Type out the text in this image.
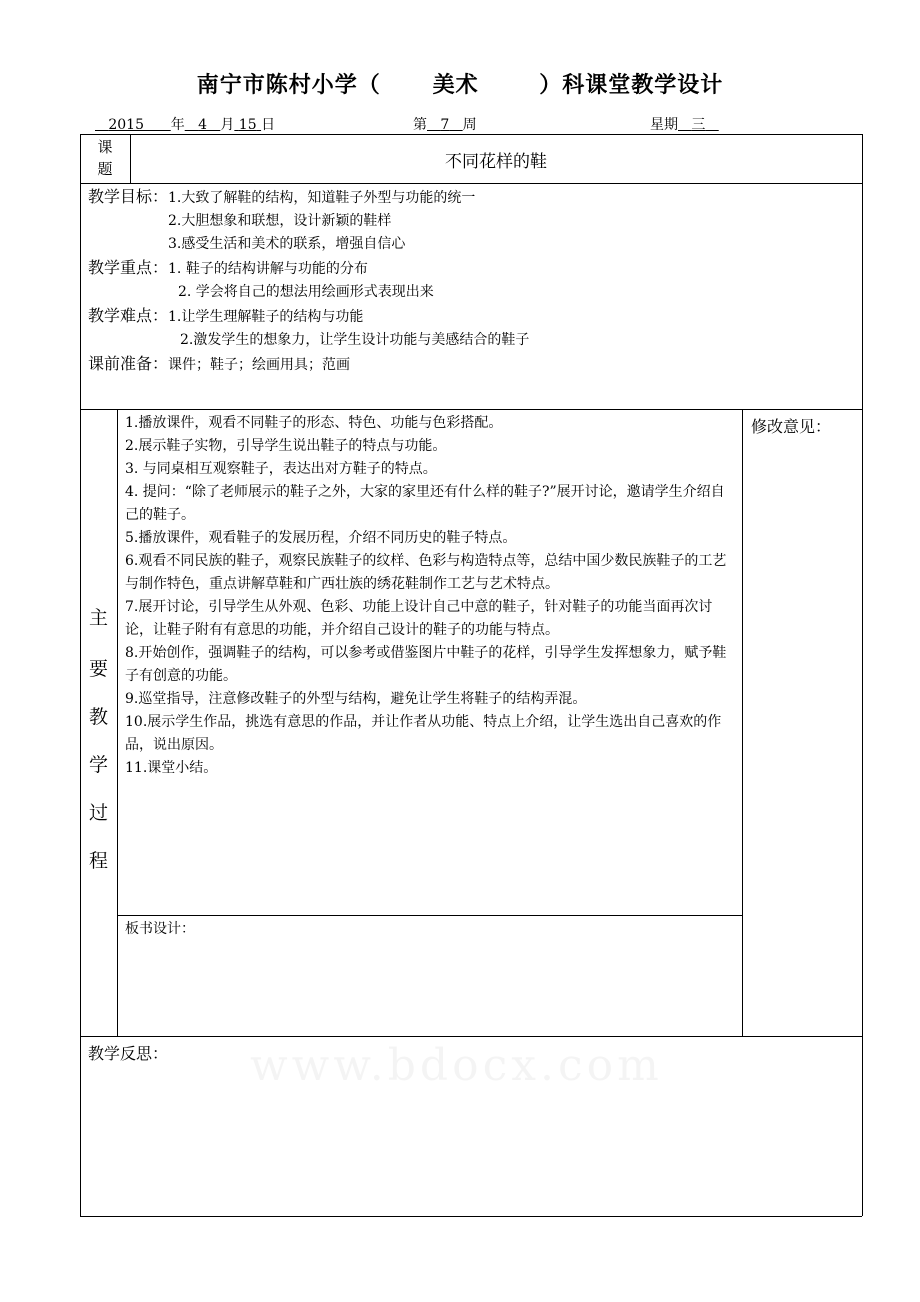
南宁市陈村小学（      美术       ）科课堂教学设计
2015 年 4 月 15 日	第 7 周	星期 三
课
题	不同花样的鞋
教学目标：1.大致了解鞋的结构，知道鞋子外型与功能的统一
2.大胆想象和联想，设计新颖的鞋样
3.感受生活和美术的联系，增强自信心
教学重点：1. 鞋子的结构讲解与功能的分布
2. 学会将自己的想法用绘画形式表现出来
教学难点：1.让学生理解鞋子的结构与功能
2.激发学生的想象力，让学生设计功能与美感结合的鞋子
课前准备：课件；鞋子；绘画用具；范画
主
要
教
学
过
程

1.播放课件，观看不同鞋子的形态、特色、功能与色彩搭配。

2.展示鞋子实物，引导学生说出鞋子的特点与功能。

3. 与同桌相互观察鞋子，表达出对方鞋子的特点。

4. 提问：“除了老师展示的鞋子之外，大家的家里还有什么样的鞋子?”展开讨论，邀请学生介绍自己的鞋子。

5.播放课件，观看鞋子的发展历程，介绍不同历史的鞋子特点。

6.观看不同民族的鞋子，观察民族鞋子的纹样、色彩与构造特点等，总结中国少数民族鞋子的工艺与制作特色，重点讲解草鞋和广西壮族的绣花鞋制作工艺与艺术特点。

7.展开讨论，引导学生从外观、色彩、功能上设计自己中意的鞋子，针对鞋子的功能当面再次讨论，让鞋子附有有意思的功能，并介绍自己设计的鞋子的功能与特点。

8.开始创作，强调鞋子的结构，可以参考或借鉴图片中鞋子的花样，引导学生发挥想象力，赋予鞋子有创意的功能。

9.巡堂指导，注意修改鞋子的外型与结构，避免让学生将鞋子的结构弄混。

10.展示学生作品，挑选有意思的作品，并让作者从功能、特点上介绍，让学生选出自己喜欢的作品，说出原因。

11.课堂小结。

板书设计：
修改意见：
教学反思：
